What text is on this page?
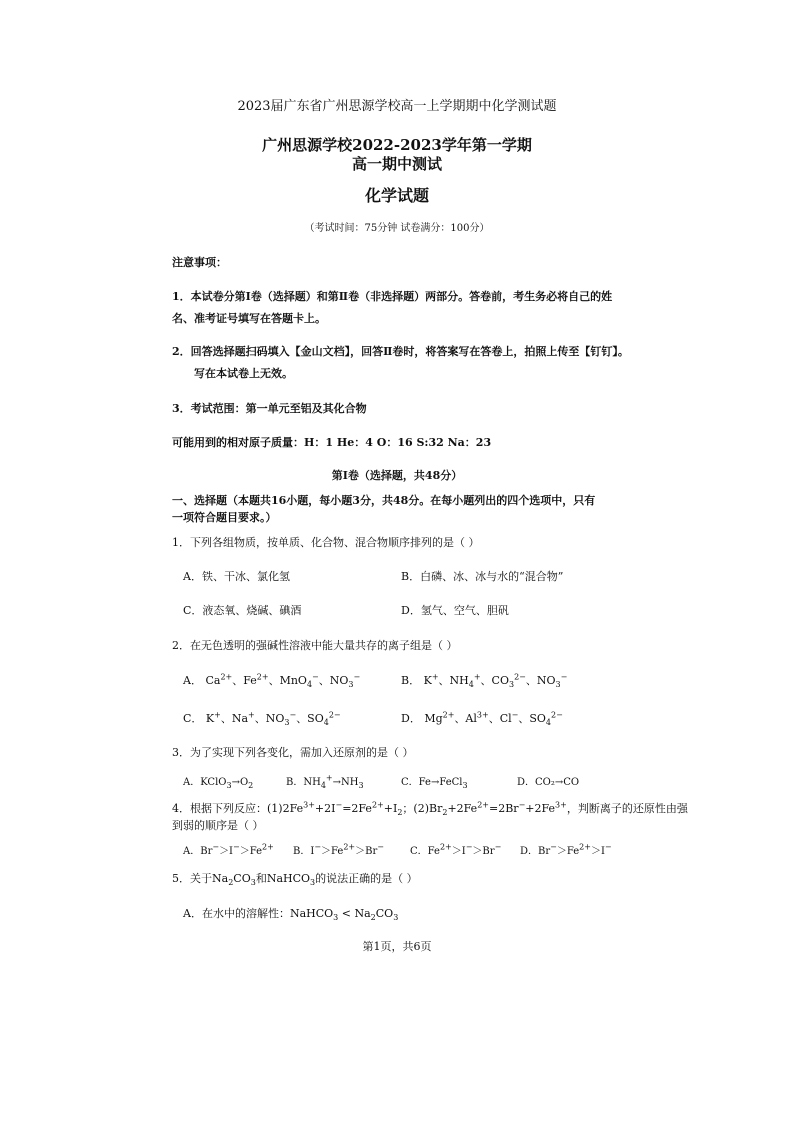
2023届广东省广州思源学校高一上学期期中化学测试题
广州思源学校2022-2023学年第一学期
高一期中测试
化学试题
（考试时间：75分钟 试卷满分：100分）
注意事项：
1．本试卷分第Ⅰ卷（选择题）和第Ⅱ卷（非选择题）两部分。答卷前，考生务必将自己的姓
名、准考证号填写在答题卡上。
2．回答选择题扫码填入【金山文档】，回答Ⅱ卷时，将答案写在答卷上，拍照上传至【钉钉】。
写在本试卷上无效。
3．考试范围：第一单元至铝及其化合物
可能用到的相对原子质量：H：1 He：4 O：16 S:32 Na：23
第Ⅰ卷（选择题，共48分）
一、选择题（本题共16小题，每小题3分，共48分。在每小题列出的四个选项中，只有
一项符合题目要求。）
1．下列各组物质，按单质、化合物、混合物顺序排列的是（ ）
A．铁、干冰、氯化氢	B．白磷、冰、冰与水的“混合物”
C．液态氧、烧碱、碘酒	D．氢气、空气、胆矾
2．在无色透明的强碱性溶液中能大量共存的离子组是（ ）
A． $Ca^{2+}$、$Fe^{2+}$、MnO$_4$−、$NO_3^-$	B． K+、$NH_4^+$、$CO_3^{2-}$、$NO_3^-$
C． K+、Na+、$NO_3^-$、$SO_4^{2-}$	D． $Mg^{2+}$、$Al^{3+}$、Cl−、$SO_4^{2-}$
3．为了实现下列各变化，需加入还原剂的是（ ）
A．$KClO_3\to O_2$	B．$NH_4^+\to NH_3$	C．Fe→FeCl$_3$	D．CO₂→CO
4．根据下列反应：$(1)2Fe^{3+}+2I^-=2Fe^{2+}+I_2$；$(2)Br_2+2Fe^{2+}=2Br^-+2Fe^{3+}$，判断离子的还原性由强
到弱的顺序是（ ）
A．$Br^->I^->Fe^{2+}$ B．$I^->Fe^{2+}>Br^-$	C．$Fe^{2+}>I^->Br^-$ D．$Br^->Fe^{2+}>I^-$
5．关于$Na_2CO_3$和NaHCO$_3$的说法正确的是（ ）
A．在水中的溶解性：NaHCO$_3$ < $Na_2CO_3$
第1页，共6页
